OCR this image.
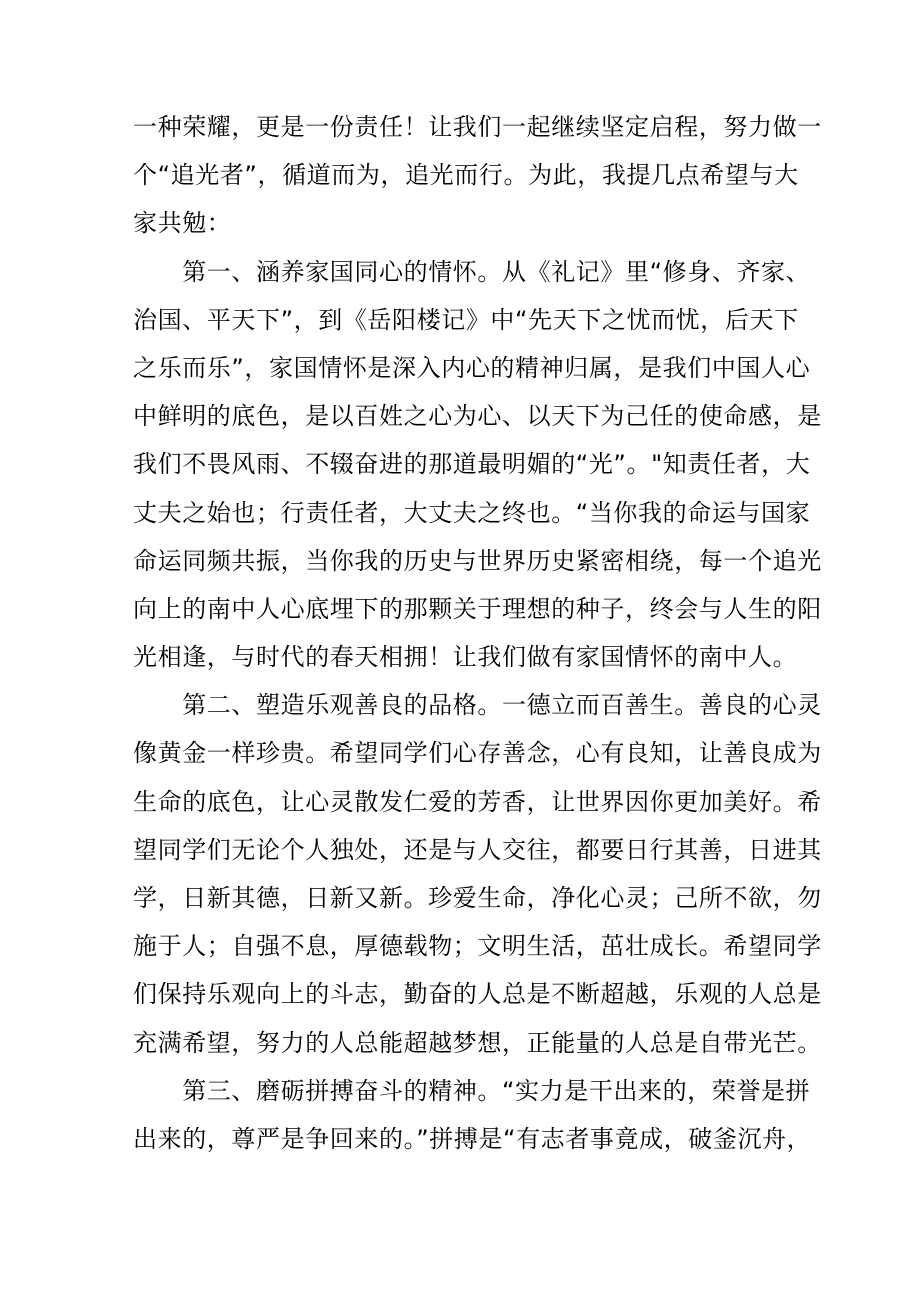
一种荣耀，更是一份责任！让我们一起继续坚定启程，努力做一
个“追光者”，循道而为，追光而行。为此，我提几点希望与大
家共勉：
　　第一、涵养家国同心的情怀。从《礼记》里“修身、齐家、
治国、平天下”，到《岳阳楼记》中“先天下之忧而忧，后天下
之乐而乐”，家国情怀是深入内心的精神归属，是我们中国人心
中鲜明的底色，是以百姓之心为心、以天下为己任的使命感，是
我们不畏风雨、不辍奋进的那道最明媚的“光”。"知责任者，大
丈夫之始也；行责任者，大丈夫之终也。“当你我的命运与国家
命运同频共振，当你我的历史与世界历史紧密相绕，每一个追光
向上的南中人心底埋下的那颗关于理想的种子，终会与人生的阳
光相逢，与时代的春天相拥！让我们做有家国情怀的南中人。
　　第二、塑造乐观善良的品格。一德立而百善生。善良的心灵
像黄金一样珍贵。希望同学们心存善念，心有良知，让善良成为
生命的底色，让心灵散发仁爱的芳香，让世界因你更加美好。希
望同学们无论个人独处，还是与人交往，都要日行其善，日进其
学，日新其德，日新又新。珍爱生命，净化心灵；己所不欲，勿
施于人；自强不息，厚德载物；文明生活，茁壮成长。希望同学
们保持乐观向上的斗志，勤奋的人总是不断超越，乐观的人总是
充满希望，努力的人总能超越梦想，正能量的人总是自带光芒。
　　第三、磨砺拼搏奋斗的精神。“实力是干出来的，荣誉是拼
出来的，尊严是争回来的。”拼搏是“有志者事竟成，破釜沉舟，
